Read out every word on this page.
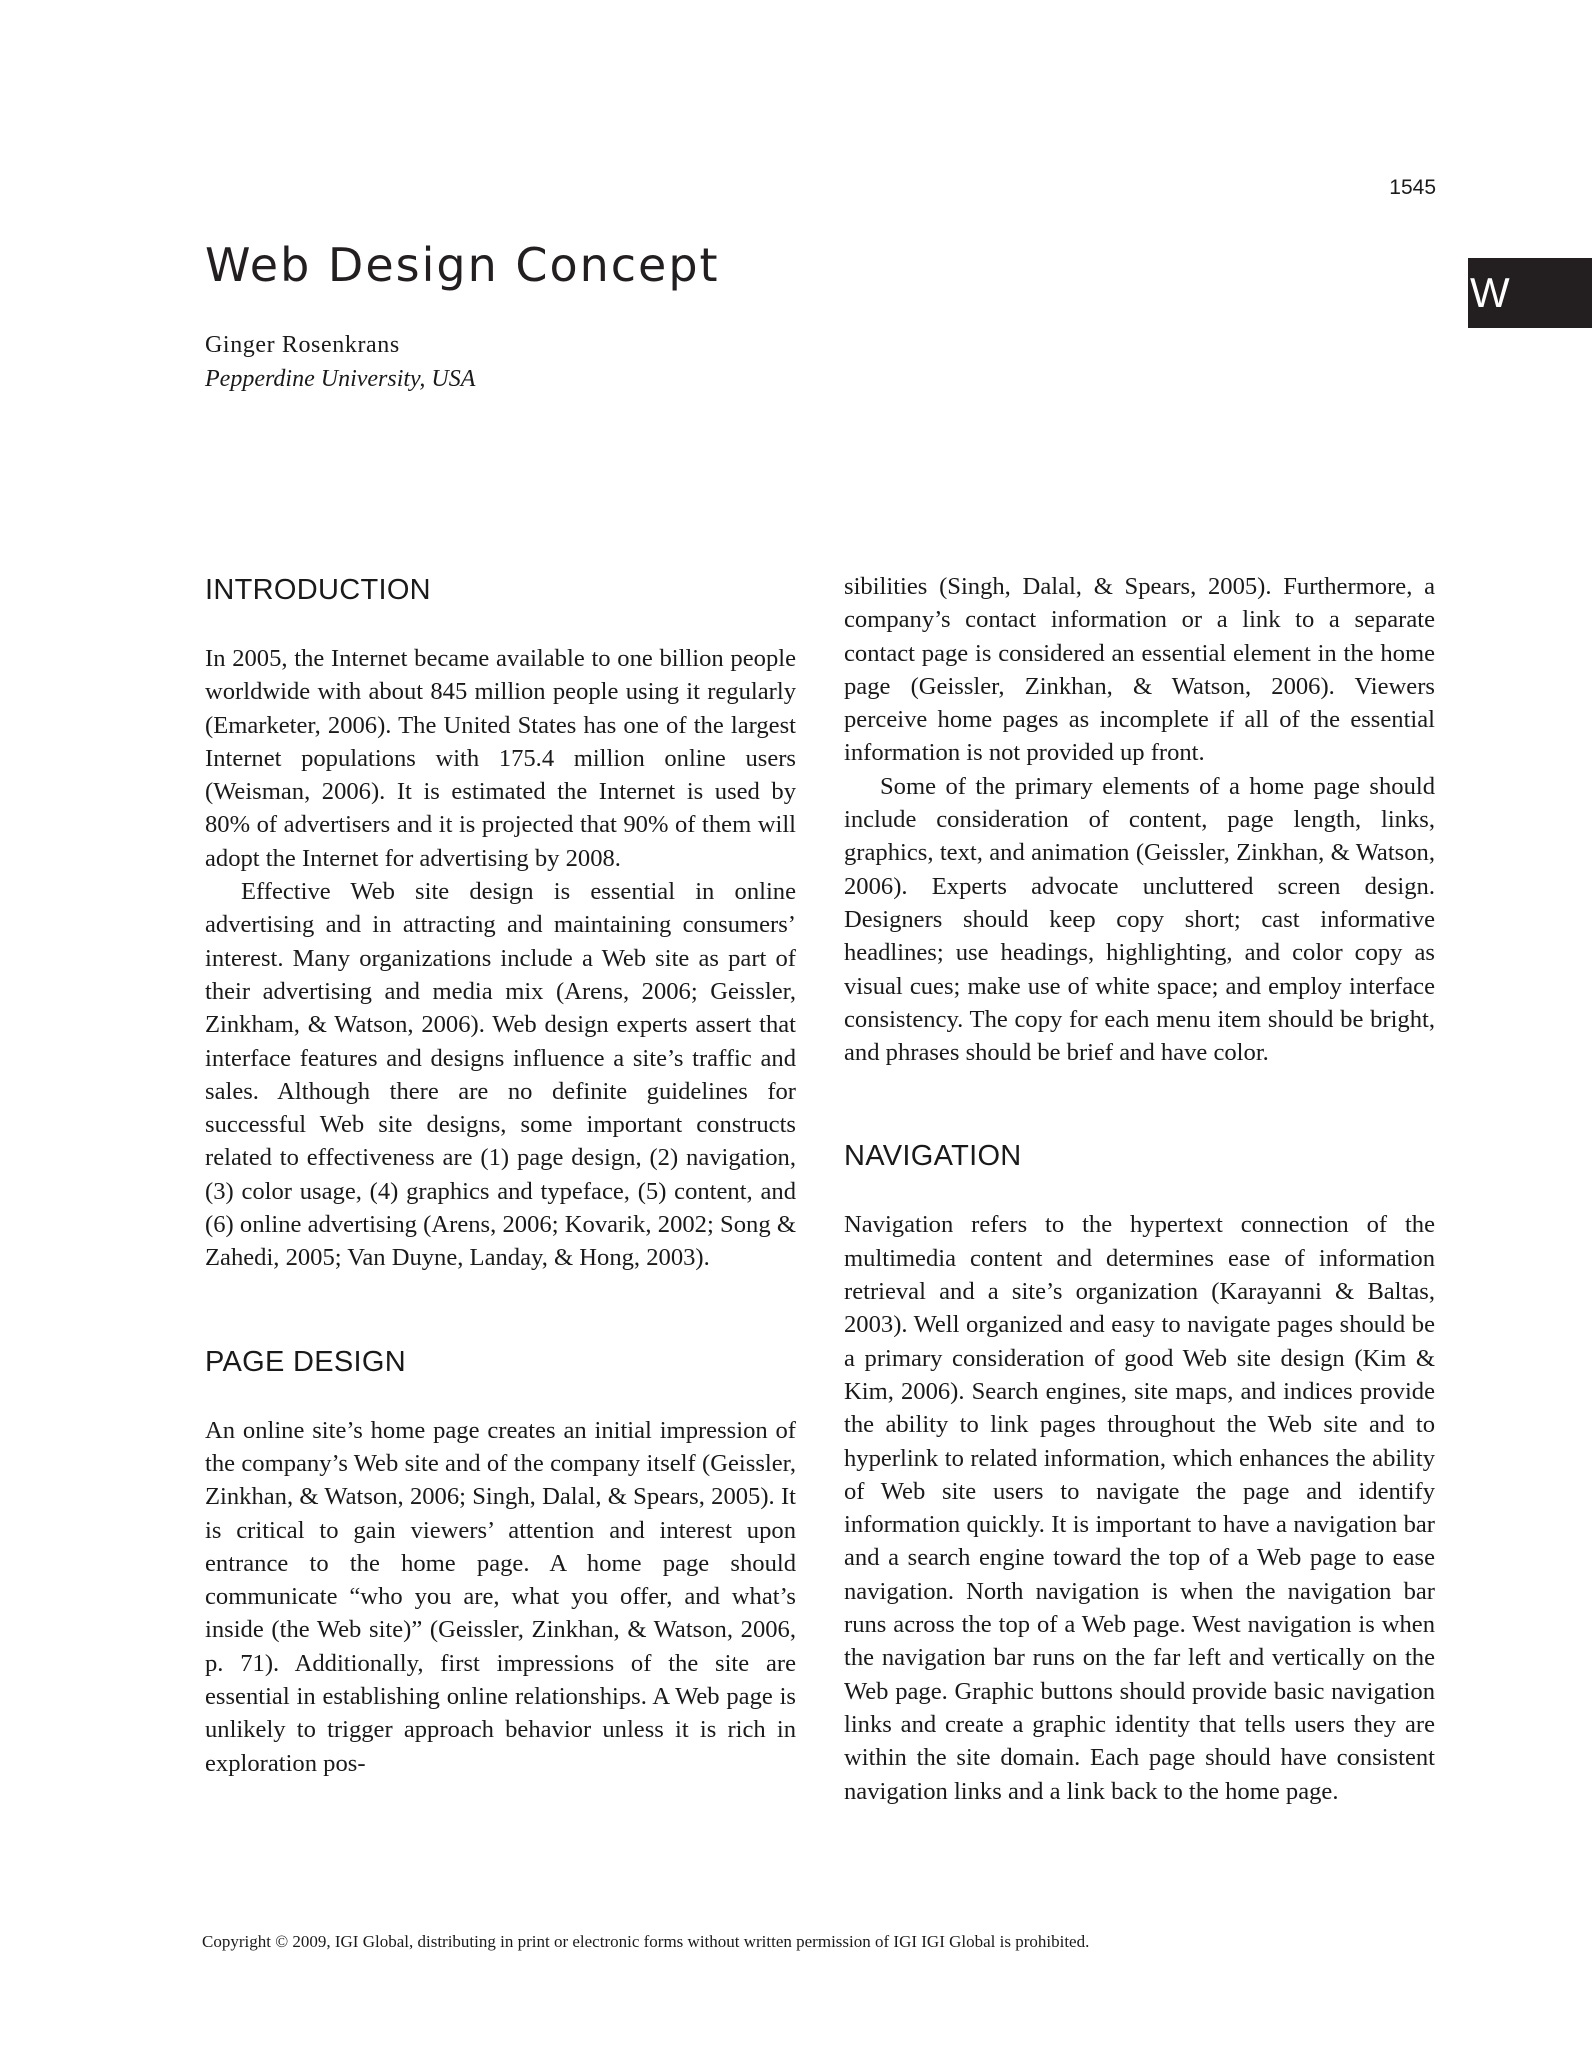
1545
W
Web Design Concept
Ginger Rosenkrans
Pepperdine University, USA
INTRODUCTION

In 2005, the Internet became available to one billion people worldwide with about 845 million people using it regularly (Emarketer, 2006). The United States has one of the largest Internet populations with 175.4 million online users (Weisman, 2006). It is estimated the Internet is used by 80% of advertisers and it is projected that 90% of them will adopt the Internet for advertising by 2008.

Effective Web site design is essential in online advertising and in attracting and maintaining consumers’ interest. Many organizations include a Web site as part of their advertising and media mix (Arens, 2006; Geissler, Zinkham, & Watson, 2006). Web design experts assert that interface features and designs influence a site’s traffic and sales. Although there are no definite guidelines for successful Web site designs, some important constructs related to effectiveness are (1) page design, (2) navigation, (3) color usage, (4) graphics and typeface, (5) content, and (6) online advertising (Arens, 2006; Kovarik, 2002; Song & Zahedi, 2005; Van Duyne, Landay, & Hong, 2003).

PAGE DESIGN

An online site’s home page creates an initial impression of the company’s Web site and of the company itself (Geissler, Zinkhan, & Watson, 2006; Singh, Dalal, & Spears, 2005). It is critical to gain viewers’ attention and interest upon entrance to the home page. A home page should communicate “who you are, what you offer, and what’s inside (the Web site)” (Geissler, Zinkhan, & Watson, 2006, p. 71). Additionally, first impressions of the site are essential in establishing online relationships. A Web page is unlikely to trigger approach behavior unless it is rich in exploration pos-

sibilities (Singh, Dalal, & Spears, 2005). Furthermore, a company’s contact information or a link to a separate contact page is considered an essential element in the home page (Geissler, Zinkhan, & Watson, 2006). Viewers perceive home pages as incomplete if all of the essential information is not provided up front.

Some of the primary elements of a home page should include consideration of content, page length, links, graphics, text, and animation (Geissler, Zinkhan, & Watson, 2006). Experts advocate uncluttered screen design. Designers should keep copy short; cast informative headlines; use headings, highlighting, and color copy as visual cues; make use of white space; and employ interface consistency. The copy for each menu item should be bright, and phrases should be brief and have color.

NAVIGATION

Navigation refers to the hypertext connection of the multimedia content and determines ease of information retrieval and a site’s organization (Karayanni & Baltas, 2003). Well organized and easy to navigate pages should be a primary consideration of good Web site design (Kim & Kim, 2006). Search engines, site maps, and indices provide the ability to link pages throughout the Web site and to hyperlink to related information, which enhances the ability of Web site users to navigate the page and identify information quickly. It is important to have a navigation bar and a search engine toward the top of a Web page to ease navigation. North navigation is when the navigation bar runs across the top of a Web page. West navigation is when the navigation bar runs on the far left and vertically on the Web page. Graphic buttons should provide basic navigation links and create a graphic identity that tells users they are within the site domain. Each page should have consistent navigation links and a link back to the home page.

Copyright © 2009, IGI Global, distributing in print or electronic forms without written permission of IGI IGI Global is prohibited.
